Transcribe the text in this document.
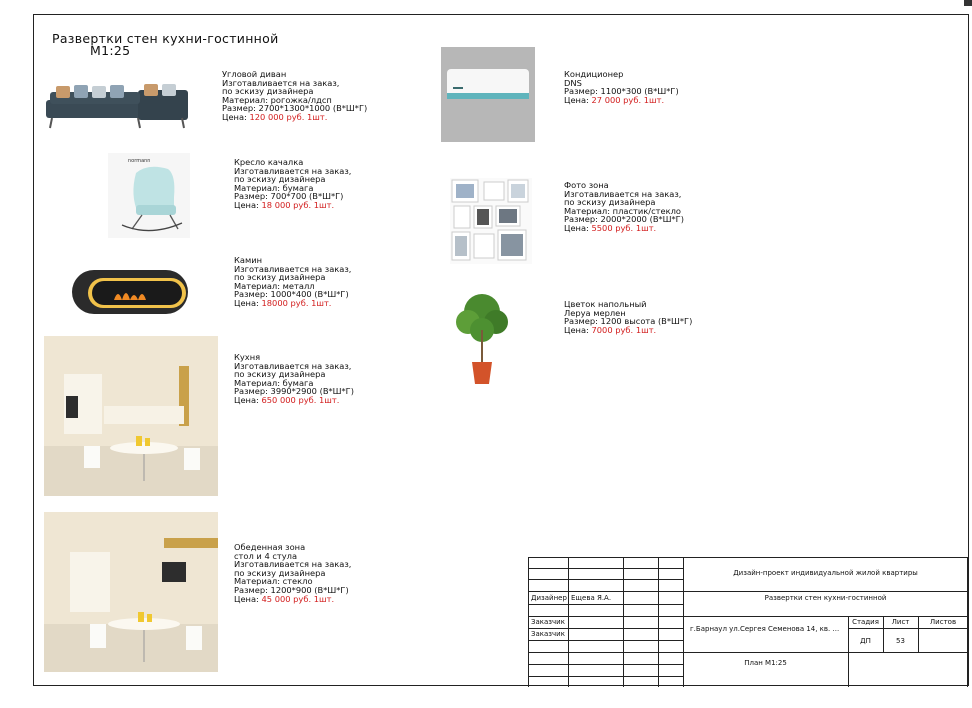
Развертки стен кухни-гостинной
М1:25
normann
Угловой диван
Изготавливается на заказ,
по эскизу дизайнера
Материал: рогожка/лдсп
Размер: 2700*1300*1000 (В*Ш*Г)
Цена: 120 000 руб. 1шт.
Кресло качалка
Изготавливается на заказ,
по эскизу дизайнера
Материал: бумага
Размер: 700*700 (В*Ш*Г)
Цена: 18 000 руб. 1шт.
Камин
Изготавливается на заказ,
по эскизу дизайнера
Материал: металл
Размер: 1000*400 (В*Ш*Г)
Цена: 18000 руб. 1шт.
Кухня
Изготавливается на заказ,
по эскизу дизайнера
Материал: бумага
Размер: 3990*2900 (В*Ш*Г)
Цена: 650 000 руб. 1шт.
Обеденная зона
стол и 4 стула
Изготавливается на заказ,
по эскизу дизайнера
Материал: стекло
Размер: 1200*900 (В*Ш*Г)
Цена: 45 000 руб. 1шт.
Кондиционер
DNS
Размер: 1100*300 (В*Ш*Г)
Цена: 27 000 руб. 1шт.
Фото зона
Изготавливается на заказ,
по эскизу дизайнера
Материал: пластик/стекло
Размер: 2000*2000 (В*Ш*Г)
Цена: 5500 руб. 1шт.
Цветок напольный
Леруа мерлен
Размер: 1200 высота (В*Ш*Г)
Цена: 7000 руб. 1шт.
Дизайн-проект индивидуальной жилой квартиры
Развертки стен кухни-гостинной
Дизайнер Ещева Я.А.
Заказчик
Заказчик
г.Барнаул ул.Сергея Семенова 14, кв. ...
Стадия	Лист	Листов
ДП	53
План М1:25
